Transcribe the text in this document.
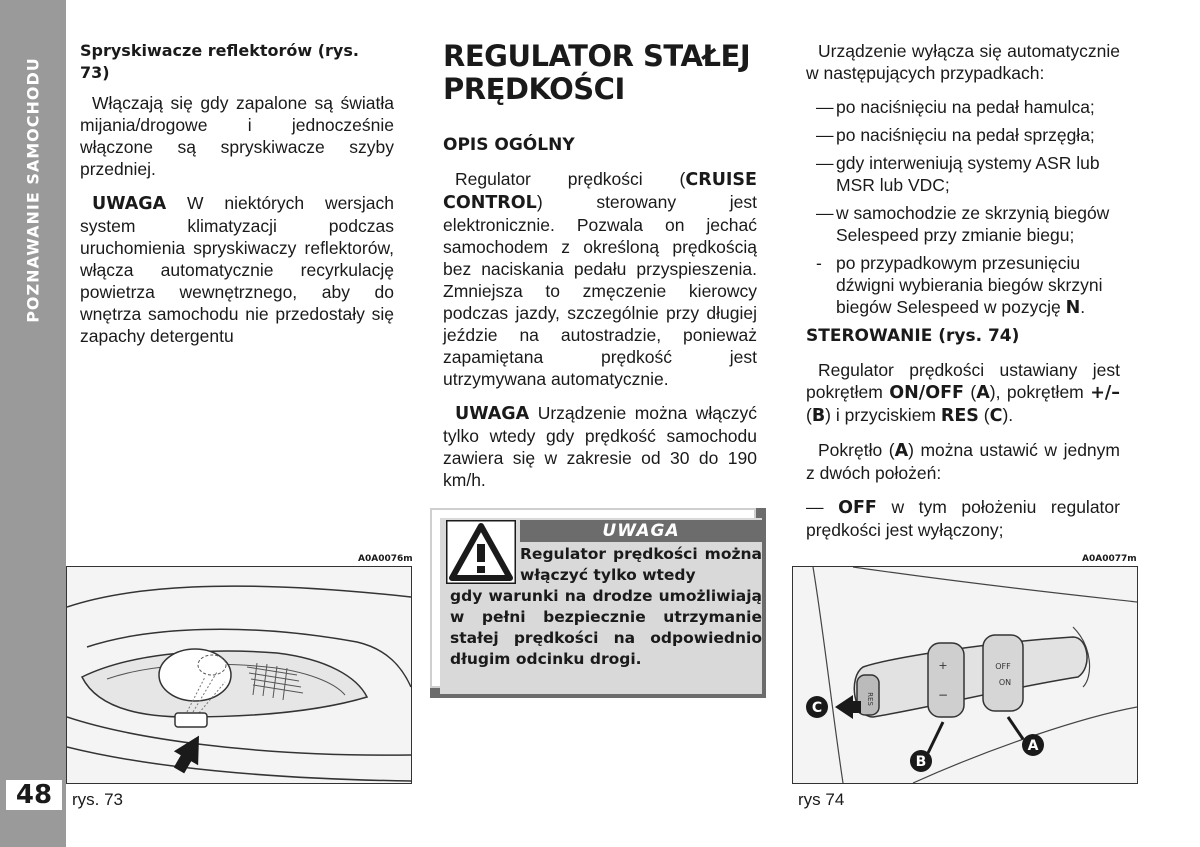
POZNAWANIE SAMOCHODU
48
Spryskiwacze reflektorów (rys. 73)

Włączają się gdy zapalone są światła mijania/drogowe i jednocześnie włączone są spryskiwacze szyby przedniej.

UWAGA W niektórych wersjach system klimatyzacji podczas uruchomienia spryskiwaczy reflektorów, włącza automatycznie recyrkulację powietrza wewnętrznego, aby do wnętrza samochodu nie przedostały się zapachy detergentu

REGULATOR STAŁEJ
PRĘDKOŚCI
OPIS OGÓLNY

Regulator prędkości (CRUISE CONTROL) sterowany jest elektronicznie. Pozwala on jechać samochodem z określoną prędkością bez naciskania pedału przyspieszenia. Zmniejsza to zmęczenie kierowcy podczas jazdy, szczególnie przy długiej jeździe na autostradzie, ponieważ zapamiętana prędkość jest utrzymywana automatycznie.

UWAGA Urządzenie można włączyć tylko wtedy gdy prędkość samochodu zawiera się w zakresie od 30 do 190 km/h.

UWAGA
Regulator prędkości można włączyć tylko wtedy
gdy warunki na drodze umożliwiają w pełni bezpiecznie utrzymanie stałej prędkości na odpowiednio długim odcinku drogi.

Urządzenie wyłącza się automatycznie w następujących przypadkach:

— po naciśnięciu na pedał hamulca;
— po naciśnięciu na pedał sprzęgła;
— gdy interweniują systemy ASR lub MSR lub VDC;
— w samochodzie ze skrzynią biegów Selespeed przy zmianie biegu;
- po przypadkowym przesunięciu dźwigni wybierania biegów skrzyni biegów Selespeed w pozycję N.
STEROWANIE (rys. 74)

Regulator prędkości ustawiany jest pokrętłem ON/OFF (A), pokrętłem +/– (B) i przyciskiem RES (C).

Pokrętło (A) można ustawić w jednym z dwóch położeń:

— OFF w tym położeniu regulator prędkości jest wyłączony;

A0A0076m
rys. 73
A0A0077m
+
−
OFF
ON
RES
C
A
B
rys 74
